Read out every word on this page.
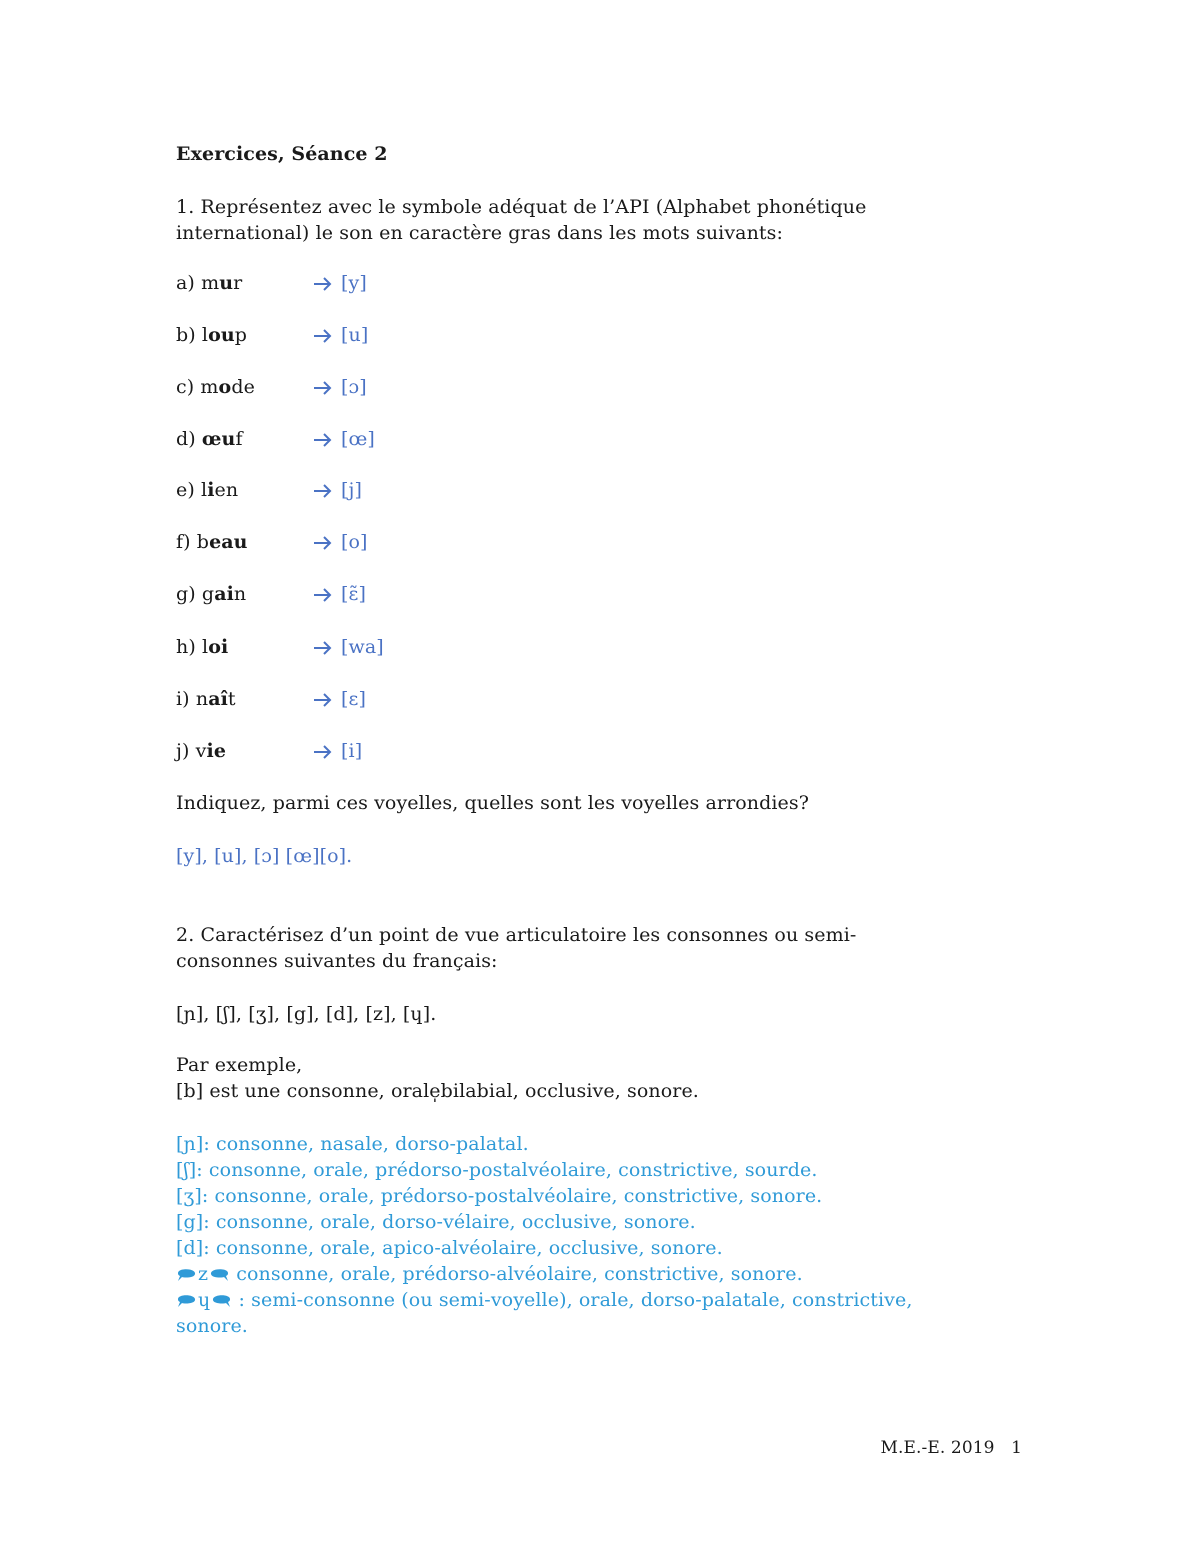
Exercices, Séance 2
1. Représentez avec le symbole adéquat de l’API (Alphabet phonétique
international) le son en caractère gras dans les mots suivants:
a) mur	[y]
b) loup	[u]
c) mode	[ɔ]
d) œuf	[œ]
e) lien	[j]
f) beau	[o]
g) gain	[ɛ̃]
h) loi	[wa]
i) naît	[ɛ]
j) vie	[i]
Indiquez, parmi ces voyelles, quelles sont les voyelles arrondies?
[y], [u], [ɔ] [œ][o].
2. Caractérisez d’un point de vue articulatoire les consonnes ou semi-
consonnes suivantes du français:
[ɲ], [ʃ], [ʒ], [g], [d], [z], [ɥ].
Par exemple,
[b] est une consonne, orale̩bilabial, occlusive, sonore.
[ɲ]: consonne, nasale, dorso-palatal.
[ʃ]: consonne, orale, prédorso-postalvéolaire, constrictive, sourde.
[ʒ]: consonne, orale, prédorso-postalvéolaire, constrictive, sonore.
[g]: consonne, orale, dorso-vélaire, occlusive, sonore.
[d]: consonne, orale, apico-alvéolaire, occlusive, sonore.
z consonne, orale, prédorso-alvéolaire, constrictive, sonore.
ɥ : semi-consonne (ou semi-voyelle), orale, dorso-palatale, constrictive,
sonore.
M.E.-E. 2019   1
